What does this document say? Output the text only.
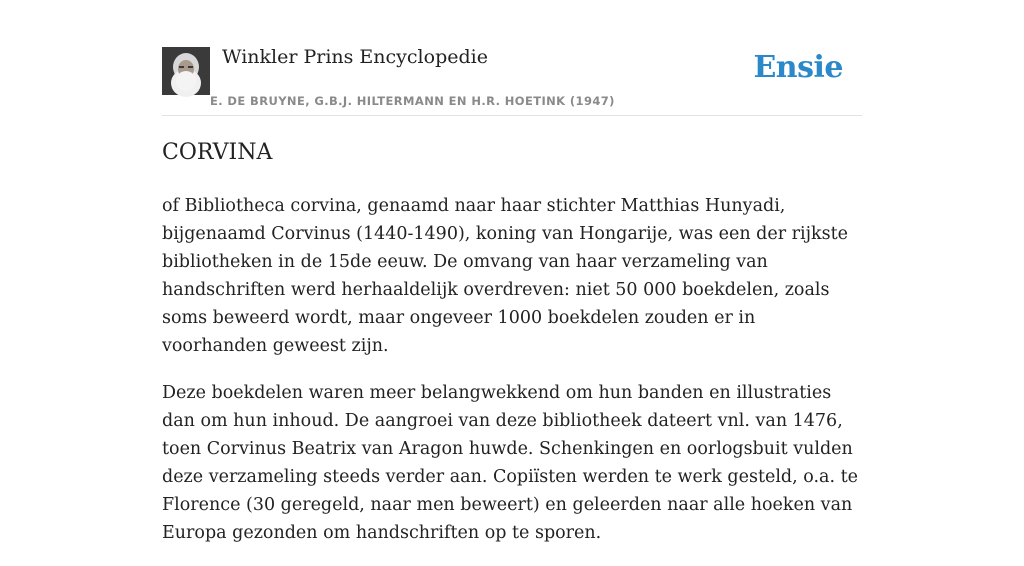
Winkler Prins Encyclopedie
E. DE BRUYNE, G.B.J. HILTERMANN EN H.R. HOETINK (1947)
Ensie
CORVINA

of Bibliotheca corvina, genaamd naar haar stichter Matthias Hunyadi, bijgenaamd Corvinus (1440-1490), koning van Hongarije, was een der rijkste bibliotheken in de 15de eeuw. De omvang van haar verzameling van handschriften werd herhaaldelijk overdreven: niet 50 000 boekdelen, zoals soms beweerd wordt, maar ongeveer 1000 boekdelen zouden er in voorhanden geweest zijn.

Deze boekdelen waren meer belangwekkend om hun banden en illustraties dan om hun inhoud. De aangroei van deze bibliotheek dateert vnl. van 1476, toen Corvinus Beatrix van Aragon huwde. Schenkingen en oorlogsbuit vulden deze verzameling steeds verder aan. Copiïsten werden te werk gesteld, o.a. te Florence (30 geregeld, naar men beweert) en geleerden naar alle hoeken van Europa gezonden om handschriften op te sporen.
